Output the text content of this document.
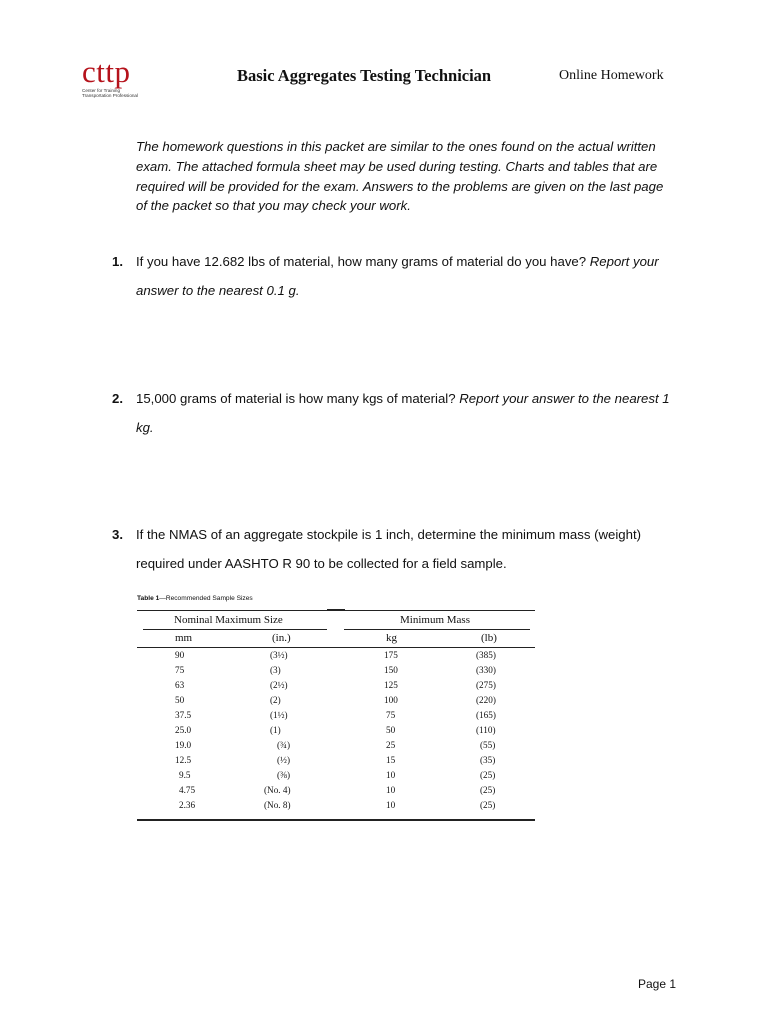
cttp
Center for Training
Transportation Professional
Basic Aggregates Testing Technician	Online Homework
The homework questions in this packet are similar to the ones found on the actual written exam. The attached formula sheet may be used during testing. Charts and tables that are required will be provided for the exam. Answers to the problems are given on the last page of the packet so that you may check your work.
1. If you have 12.682 lbs of material, how many grams of material do you have? Report your answer to the nearest 0.1 g.
2. 15,000 grams of material is how many kgs of material? Report your answer to the nearest 1 kg.
3. If the NMAS of an aggregate stockpile is 1 inch, determine the minimum mass (weight) required under AASHTO R 90 to be collected for a field sample.
Table 1—Recommended Sample Sizes
Nominal Maximum Size	Minimum Mass
mm	(in.)	kg	(lb)
90	(3½)	175	(385)
75	(3)	150	(330)
63	(2½)	125	(275)
50	(2)	100	(220)
37.5	(1½)	75	(165)
25.0	(1)	50	(110)
19.0	(¾)	25	(55)
12.5	(½)	15	(35)
9.5	(⅜)	10	(25)
4.75	(No. 4)	10	(25)
2.36	(No. 8)	10	(25)
Page 1
